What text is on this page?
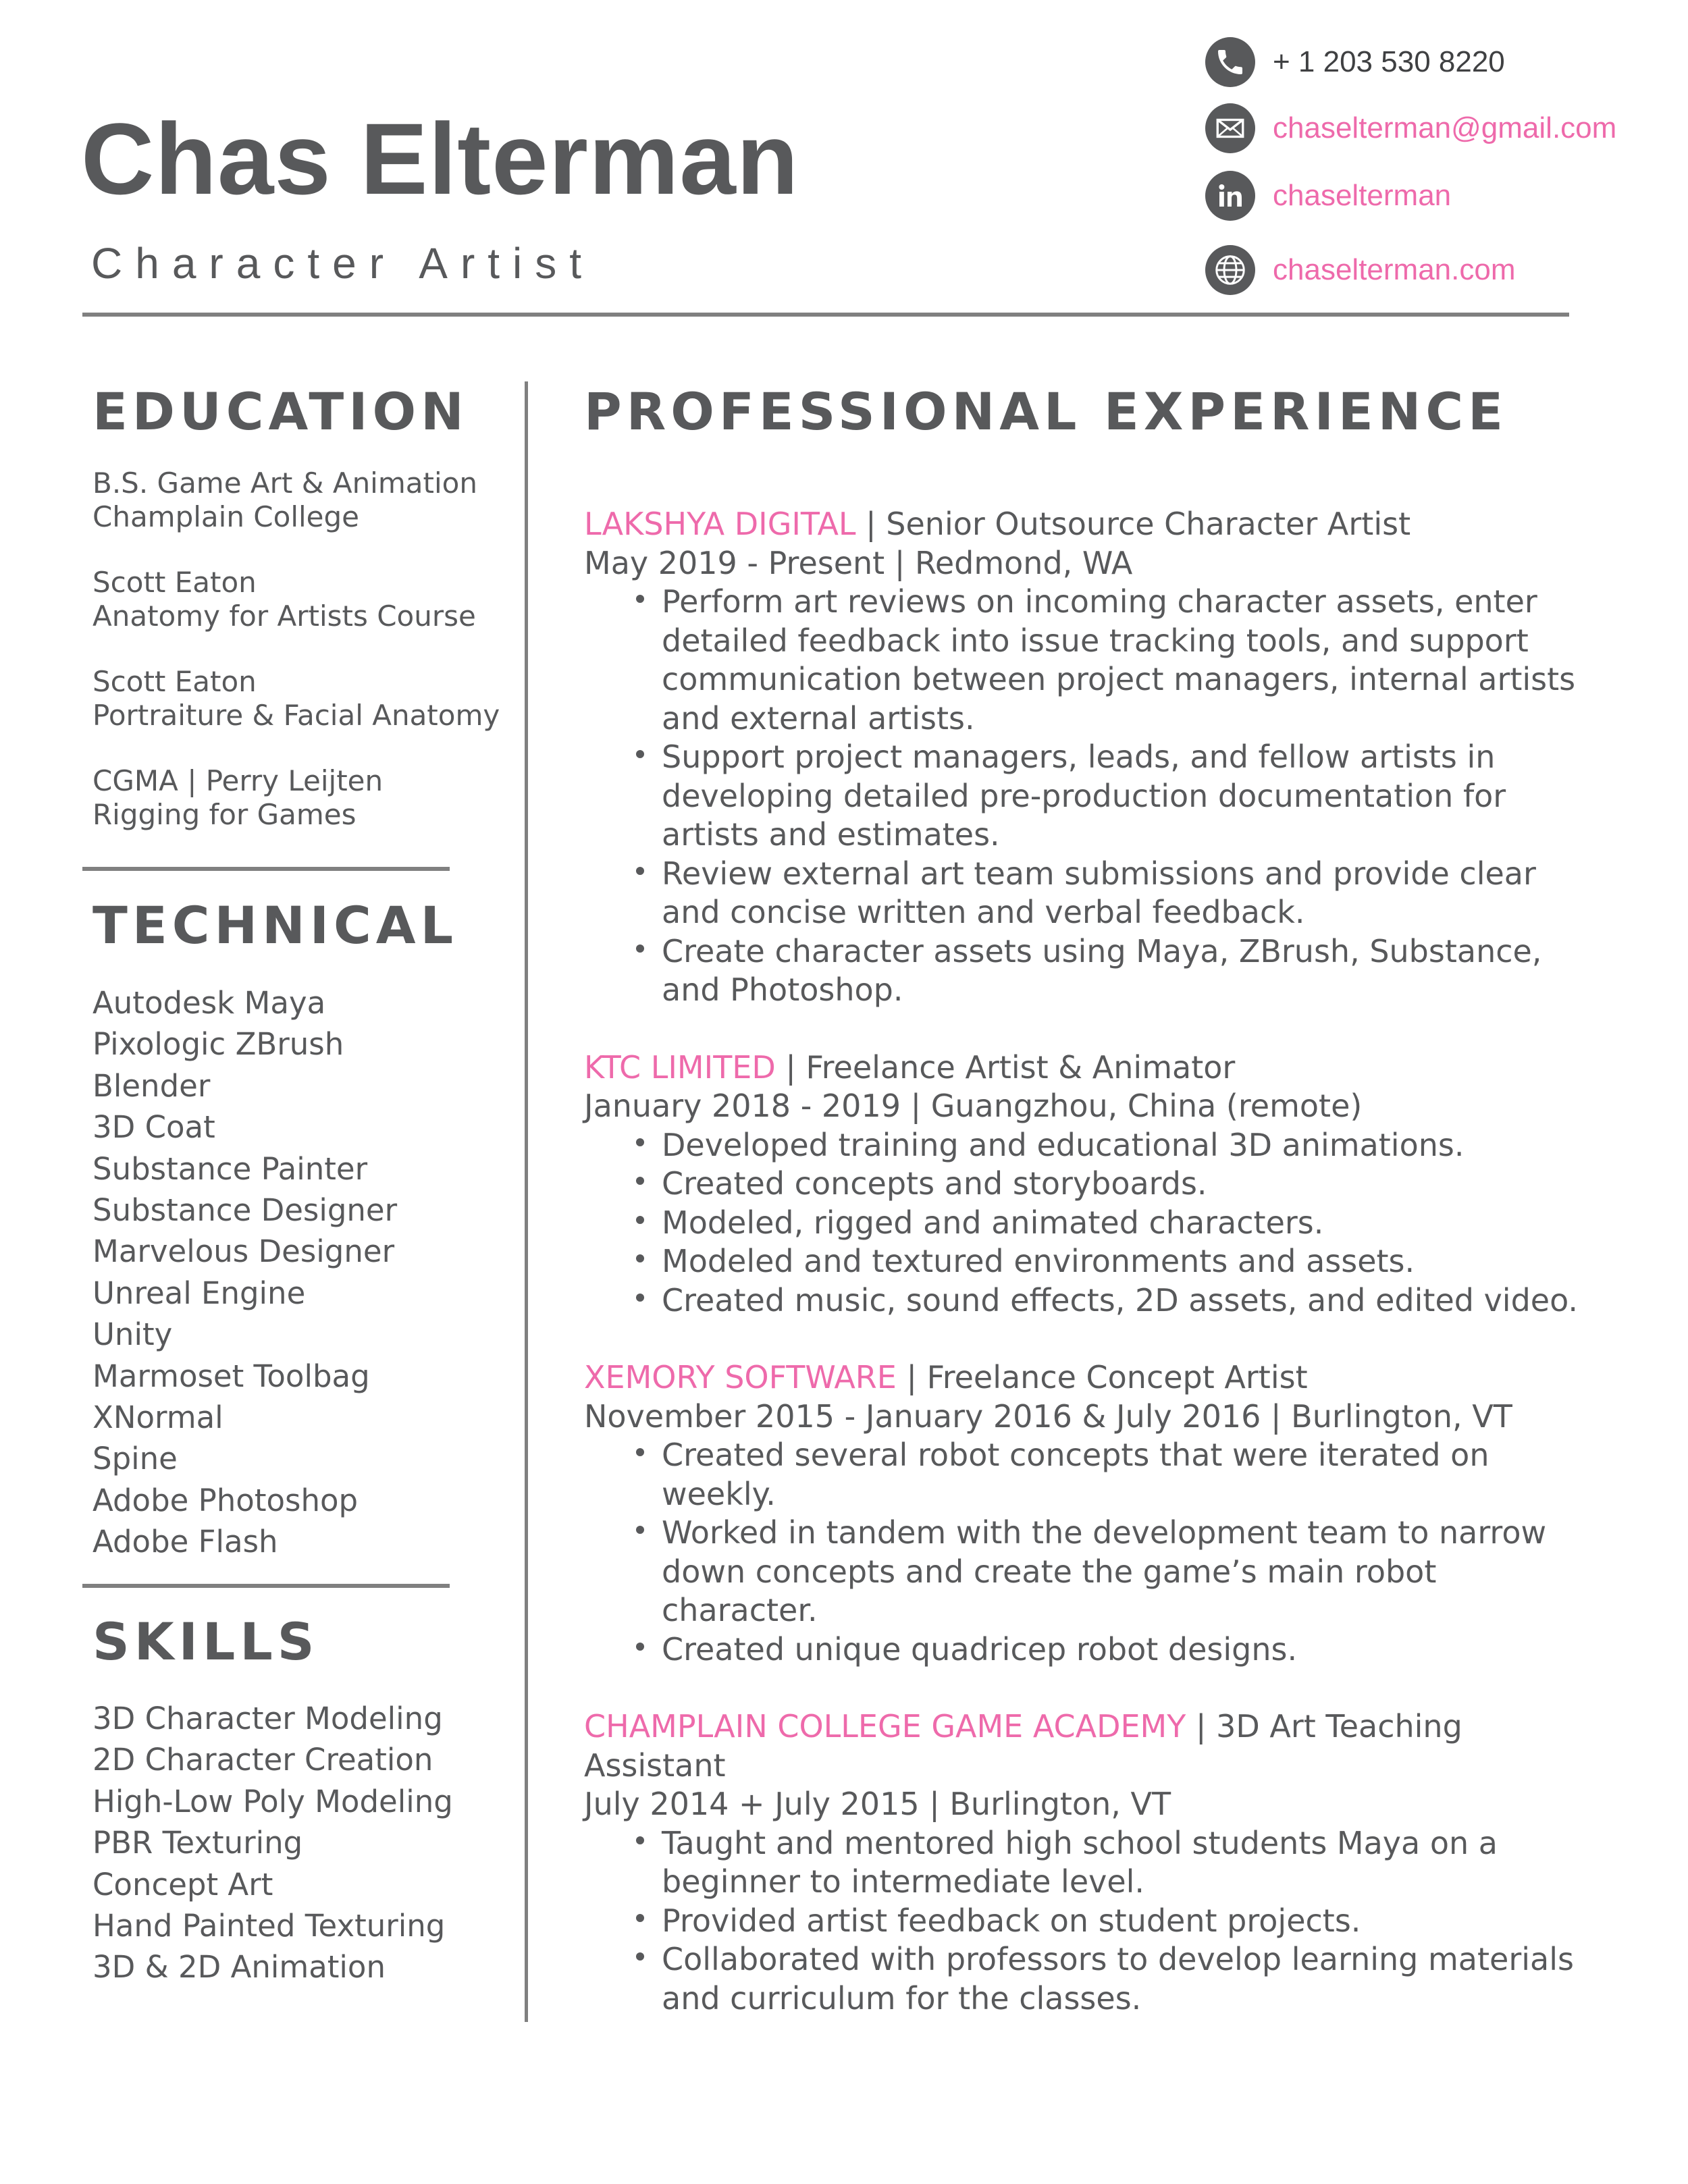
Chas Elterman
Character Artist
+ 1 203 530 8220
chaselterman@gmail.com
chaselterman
chaselterman.com
EDUCATION
B.S. Game Art & Animation
Champlain College
Scott Eaton
Anatomy for Artists Course
Scott Eaton
Portraiture & Facial Anatomy
CGMA | Perry Leijten
Rigging for Games
TECHNICAL
Autodesk Maya
Pixologic ZBrush
Blender
3D Coat
Substance Painter
Substance Designer
Marvelous Designer
Unreal Engine
Unity
Marmoset Toolbag
XNormal
Spine
Adobe Photoshop
Adobe Flash
SKILLS
3D Character Modeling
2D Character Creation
High-Low Poly Modeling
PBR Texturing
Concept Art
Hand Painted Texturing
3D & 2D Animation
PROFESSIONAL EXPERIENCE
LAKSHYA DIGITAL | Senior Outsource Character Artist
May 2019 - Present | Redmond, WA
Perform art reviews on incoming character assets, enter detailed feedback into issue tracking tools, and support communication between project managers, internal artists and external artists.
Support project managers, leads, and fellow artists in developing detailed pre-production documentation for artists and estimates.
Review external art team submissions and provide clear and concise written and verbal feedback.
Create character assets using Maya, ZBrush, Substance, and Photoshop.
KTC LIMITED | Freelance Artist & Animator
January 2018 - 2019 | Guangzhou, China (remote)
Developed training and educational 3D animations.
Created concepts and storyboards.
Modeled, rigged and animated characters.
Modeled and textured environments and assets.
Created music, sound effects, 2D assets, and edited video.
XEMORY SOFTWARE | Freelance Concept Artist
November 2015 - January 2016 & July 2016 | Burlington, VT
Created several robot concepts that were iterated on weekly.
Worked in tandem with the development team to narrow down concepts and create the game’s main robot character.
Created unique quadricep robot designs.
CHAMPLAIN COLLEGE GAME ACADEMY | 3D Art Teaching Assistant
July 2014 + July 2015 | Burlington, VT
Taught and mentored high school students Maya on a beginner to intermediate level.
Provided artist feedback on student projects.
Collaborated with professors to develop learning materials and curriculum for the classes.
